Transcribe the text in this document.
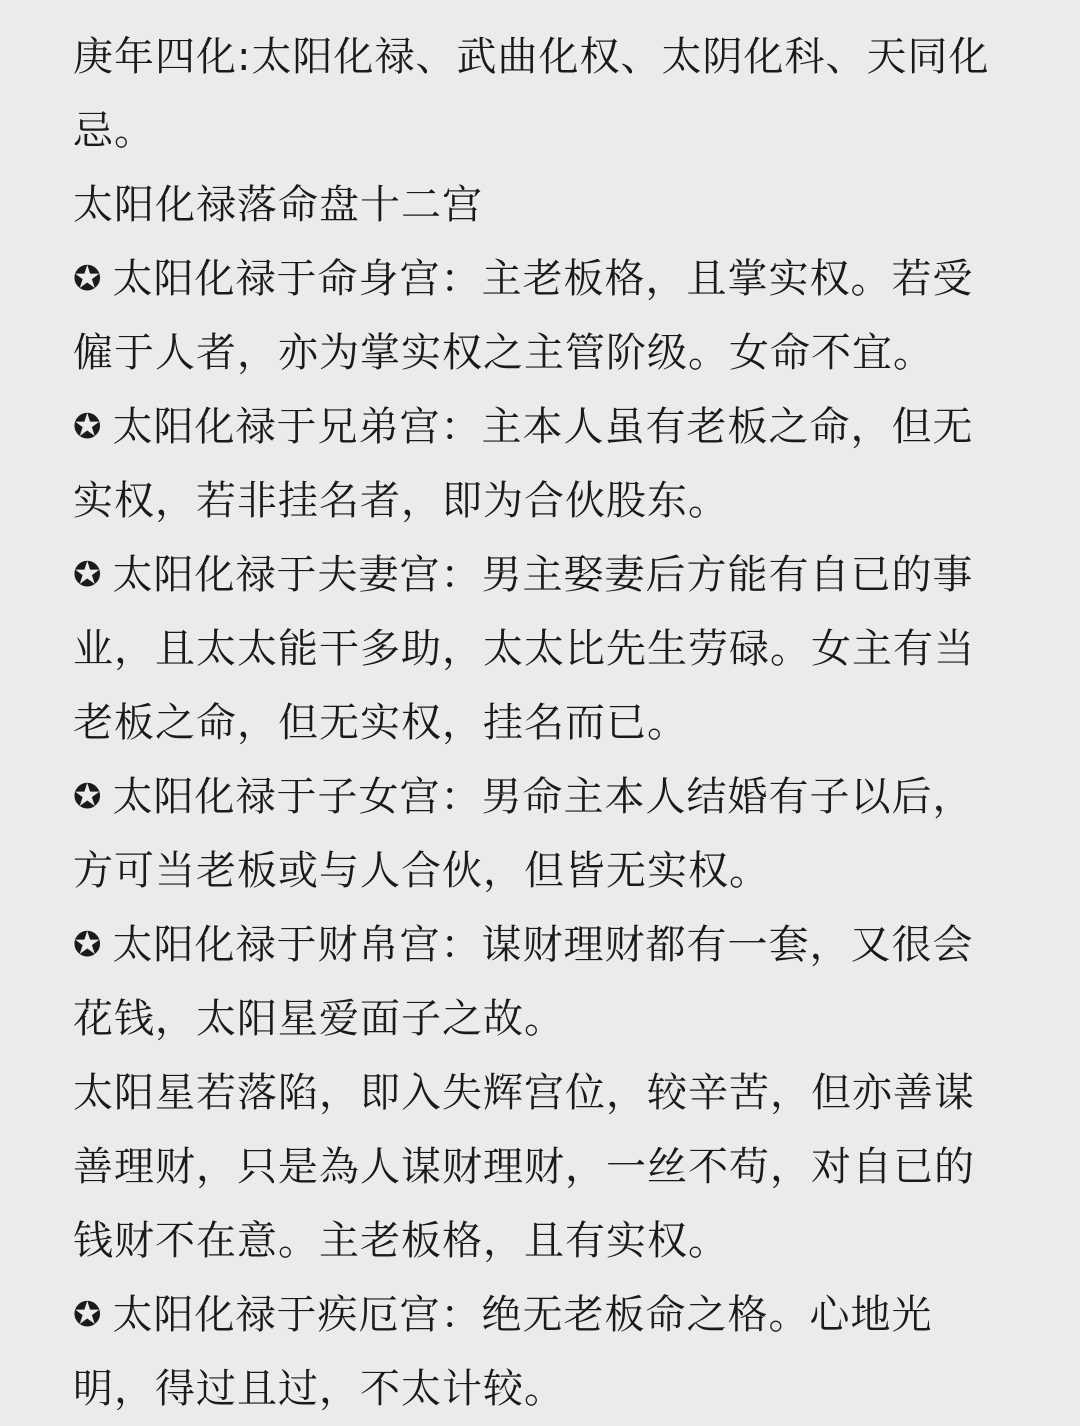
庚年四化:太阳化禄、武曲化权、太阴化科、天同化忌。

太阳化禄落命盘十二宫

✪ 太阳化禄于命身宫：主老板格，且掌实权。若受僱于人者，亦为掌实权之主管阶级。女命不宜。

✪ 太阳化禄于兄弟宫：主本人虽有老板之命，但无实权，若非挂名者，即为合伙股东。

✪ 太阳化禄于夫妻宫：男主娶妻后方能有自已的事业，且太太能干多助，太太比先生劳碌。女主有当老板之命，但无实权，挂名而已。

✪ 太阳化禄于子女宫：男命主本人结婚有子以后，方可当老板或与人合伙，但皆无实权。

✪ 太阳化禄于财帛宫：谋财理财都有一套，又很会花钱，太阳星爱面子之故。

太阳星若落陷，即入失辉宫位，较辛苦，但亦善谋善理财，只是為人谋财理财，一丝不苟，对自已的钱财不在意。主老板格，且有实权。

✪ 太阳化禄于疾厄宫：绝无老板命之格。心地光明，得过且过，不太计较。
